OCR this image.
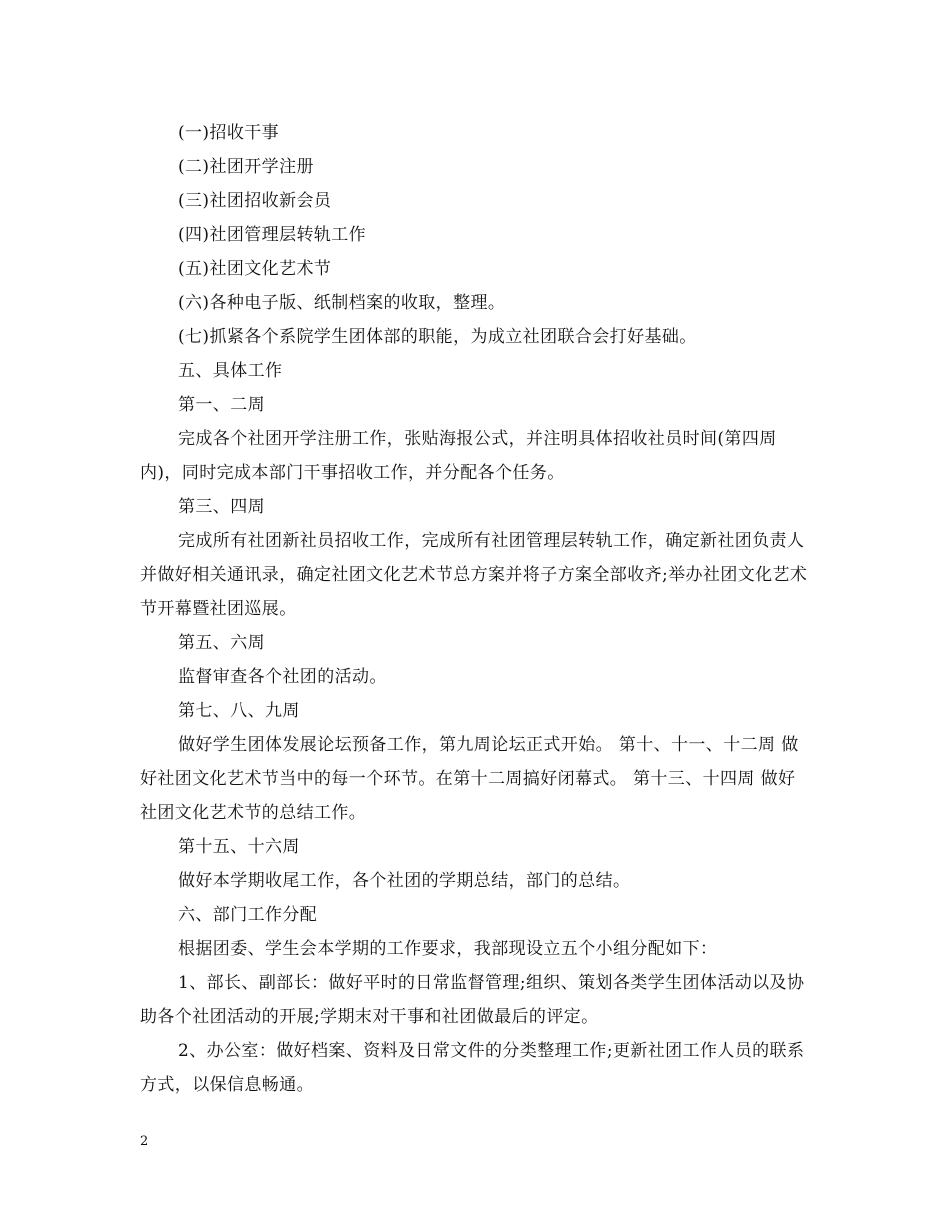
(一)招收干事

(二)社团开学注册

(三)社团招收新会员

(四)社团管理层转轨工作

(五)社团文化艺术节

(六)各种电子版、纸制档案的收取，整理。

(七)抓紧各个系院学生团体部的职能，为成立社团联合会打好基础。

五、具体工作

第一、二周

完成各个社团开学注册工作，张贴海报公式，并注明具体招收社员时间(第四周内)，同时完成本部门干事招收工作，并分配各个任务。

第三、四周

完成所有社团新社员招收工作，完成所有社团管理层转轨工作，确定新社团负责人并做好相关通讯录，确定社团文化艺术节总方案并将子方案全部收齐;举办社团文化艺术节开幕暨社团巡展。

第五、六周

监督审查各个社团的活动。

第七、八、九周

做好学生团体发展论坛预备工作，第九周论坛正式开始。 第十、十一、十二周 做好社团文化艺术节当中的每一个环节。在第十二周搞好闭幕式。 第十三、十四周 做好社团文化艺术节的总结工作。

第十五、十六周

做好本学期收尾工作，各个社团的学期总结，部门的总结。

六、部门工作分配

根据团委、学生会本学期的工作要求，我部现设立五个小组分配如下：

1、部长、副部长：做好平时的日常监督管理;组织、策划各类学生团体活动以及协助各个社团活动的开展;学期末对干事和社团做最后的评定。

2、办公室：做好档案、资料及日常文件的分类整理工作;更新社团工作人员的联系方式，以保信息畅通。

2
